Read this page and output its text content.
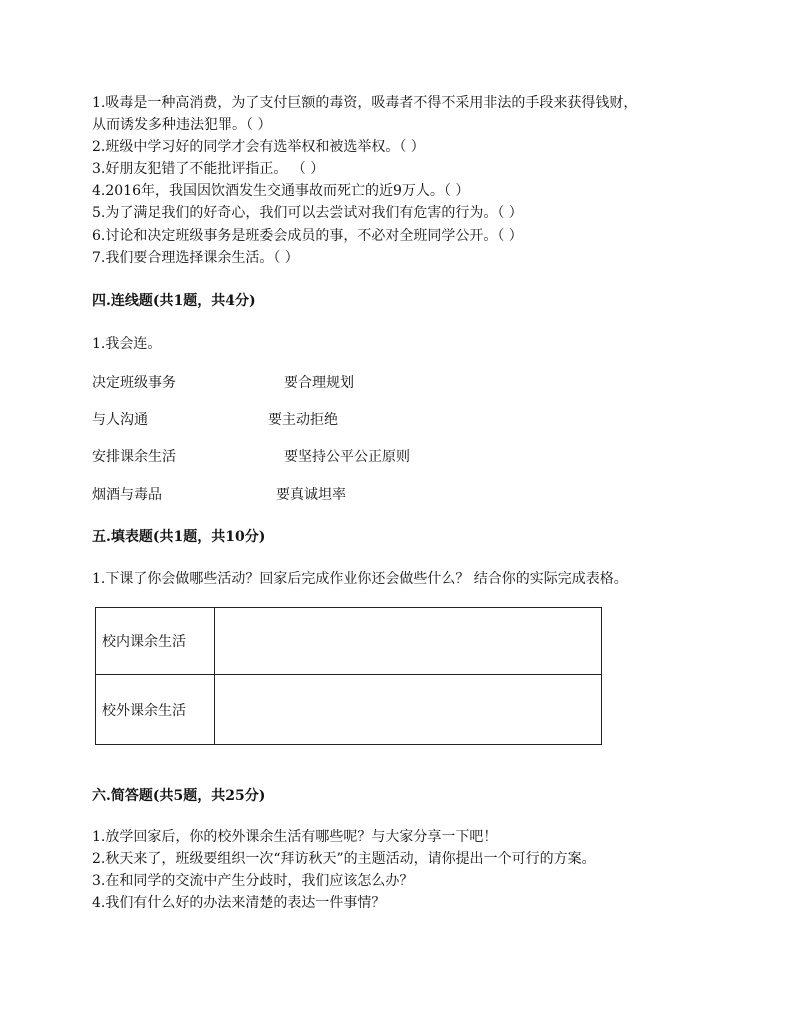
1.吸毒是一种高消费，为了支付巨额的毒资，吸毒者不得不采用非法的手段来获得钱财，
从而诱发多种违法犯罪。（ ）
2.班级中学习好的同学才会有选举权和被选举权。（ ）
3.好朋友犯错了不能批评指正。 （ ）
4.2016年，我国因饮酒发生交通事故而死亡的近9万人。（ ）
5.为了满足我们的好奇心，我们可以去尝试对我们有危害的行为。（ ）
6.讨论和决定班级事务是班委会成员的事，不必对全班同学公开。（ ）
7.我们要合理选择课余生活。（ ）
四.连线题(共1题，共4分)
1.我会连。
决定班级事务	要合理规划
与人沟通	要主动拒绝
安排课余生活	要坚持公平公正原则
烟酒与毒品	要真诚坦率
五.填表题(共1题，共10分)
1.下课了你会做哪些活动？回家后完成作业你还会做些什么？ 结合你的实际完成表格。
校内课余生活	
校外课余生活	
六.简答题(共5题，共25分)
1.放学回家后，你的校外课余生活有哪些呢？与大家分享一下吧！
2.秋天来了，班级要组织一次“拜访秋天”的主题活动，请你提出一个可行的方案。
3.在和同学的交流中产生分歧时，我们应该怎么办？
4.我们有什么好的办法来清楚的表达一件事情？
